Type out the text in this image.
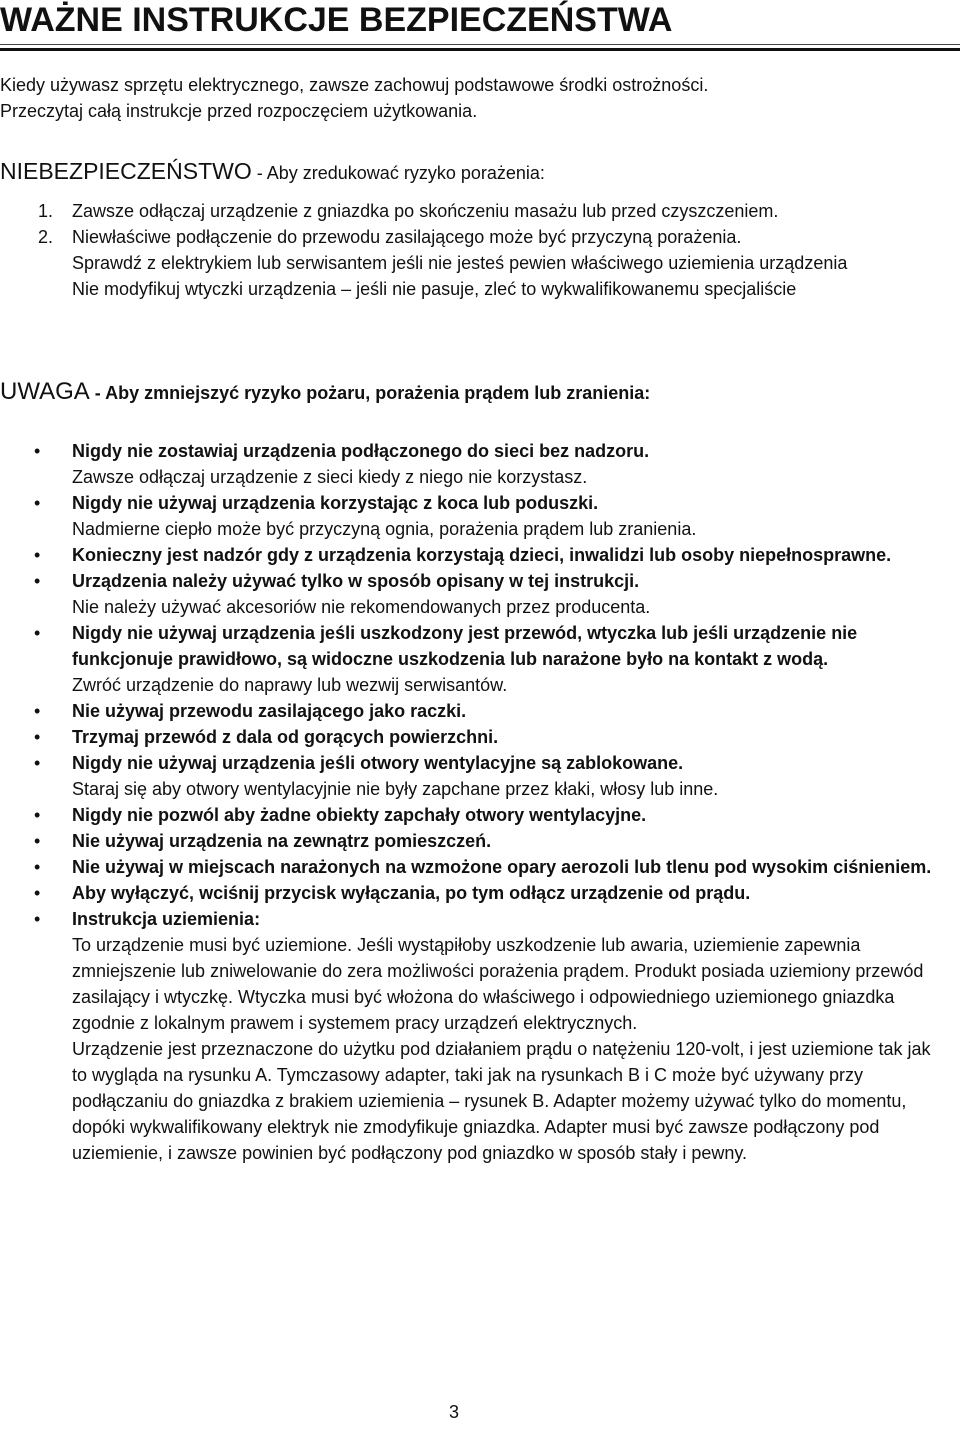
WAŻNE INSTRUKCJE BEZPIECZEŃSTWA

Kiedy używasz sprzętu elektrycznego, zawsze zachowuj podstawowe środki ostrożności.

Przeczytaj całą instrukcje przed rozpoczęciem użytkowania.

NIEBEZPIECZEŃSTWO - Aby zredukować ryzyko porażenia:
1. Zawsze odłączaj urządzenie z gniazdka po skończeniu masażu lub przed czyszczeniem.

2. Niewłaściwe podłączenie do przewodu zasilającego może być przyczyną porażenia.

Sprawdź z elektrykiem lub serwisantem jeśli nie jesteś pewien właściwego uziemienia urządzenia

Nie modyfikuj wtyczki urządzenia – jeśli nie pasuje, zleć to wykwalifikowanemu specjaliście

UWAGA - Aby zmniejszyć ryzyko pożaru, porażenia prądem lub zranienia:
• Nigdy nie zostawiaj urządzenia podłączonego do sieci bez nadzoru.

Zawsze odłączaj urządzenie z sieci kiedy z niego nie korzystasz.

• Nigdy nie używaj urządzenia korzystając z koca lub poduszki.

Nadmierne ciepło może być przyczyną ognia, porażenia prądem lub zranienia.

• Konieczny jest nadzór gdy z urządzenia korzystają dzieci, inwalidzi lub osoby niepełnosprawne.

• Urządzenia należy używać tylko w sposób opisany w tej instrukcji.

Nie należy używać akcesoriów nie rekomendowanych przez producenta.

• Nigdy nie używaj urządzenia jeśli uszkodzony jest przewód, wtyczka lub jeśli urządzenie nie funkcjonuje prawidłowo, są widoczne uszkodzenia lub narażone było na kontakt z wodą.

Zwróć urządzenie do naprawy lub wezwij serwisantów.

• Nie używaj przewodu zasilającego jako raczki.

• Trzymaj przewód z dala od gorących powierzchni.

• Nigdy nie używaj urządzenia jeśli otwory wentylacyjne są zablokowane.

Staraj się aby otwory wentylacyjnie nie były zapchane przez kłaki, włosy lub inne.

• Nigdy nie pozwól aby żadne obiekty zapchały otwory wentylacyjne.

• Nie używaj urządzenia na zewnątrz pomieszczeń.

• Nie używaj w miejscach narażonych na wzmożone opary aerozoli lub tlenu pod wysokim ciśnieniem.

• Aby wyłączyć, wciśnij przycisk wyłączania, po tym odłącz urządzenie od prądu.

• Instrukcja uziemienia:

To urządzenie musi być uziemione. Jeśli wystąpiłoby uszkodzenie lub awaria, uziemienie zapewnia zmniejszenie lub zniwelowanie do zera możliwości porażenia prądem. Produkt posiada uziemiony przewód zasilający i wtyczkę. Wtyczka musi być włożona do właściwego i odpowiedniego uziemionego gniazdka zgodnie z lokalnym prawem i systemem pracy urządzeń elektrycznych.

Urządzenie jest przeznaczone do użytku pod działaniem prądu o natężeniu 120-volt, i jest uziemione tak jak to wygląda na rysunku A. Tymczasowy adapter, taki jak na rysunkach B i C może być używany przy podłączaniu do gniazdka z brakiem uziemienia – rysunek B. Adapter możemy używać tylko do momentu, dopóki wykwalifikowany elektryk nie zmodyfikuje gniazdka. Adapter musi być zawsze podłączony pod uziemienie, i zawsze powinien być podłączony pod gniazdko w sposób stały i pewny.

3
